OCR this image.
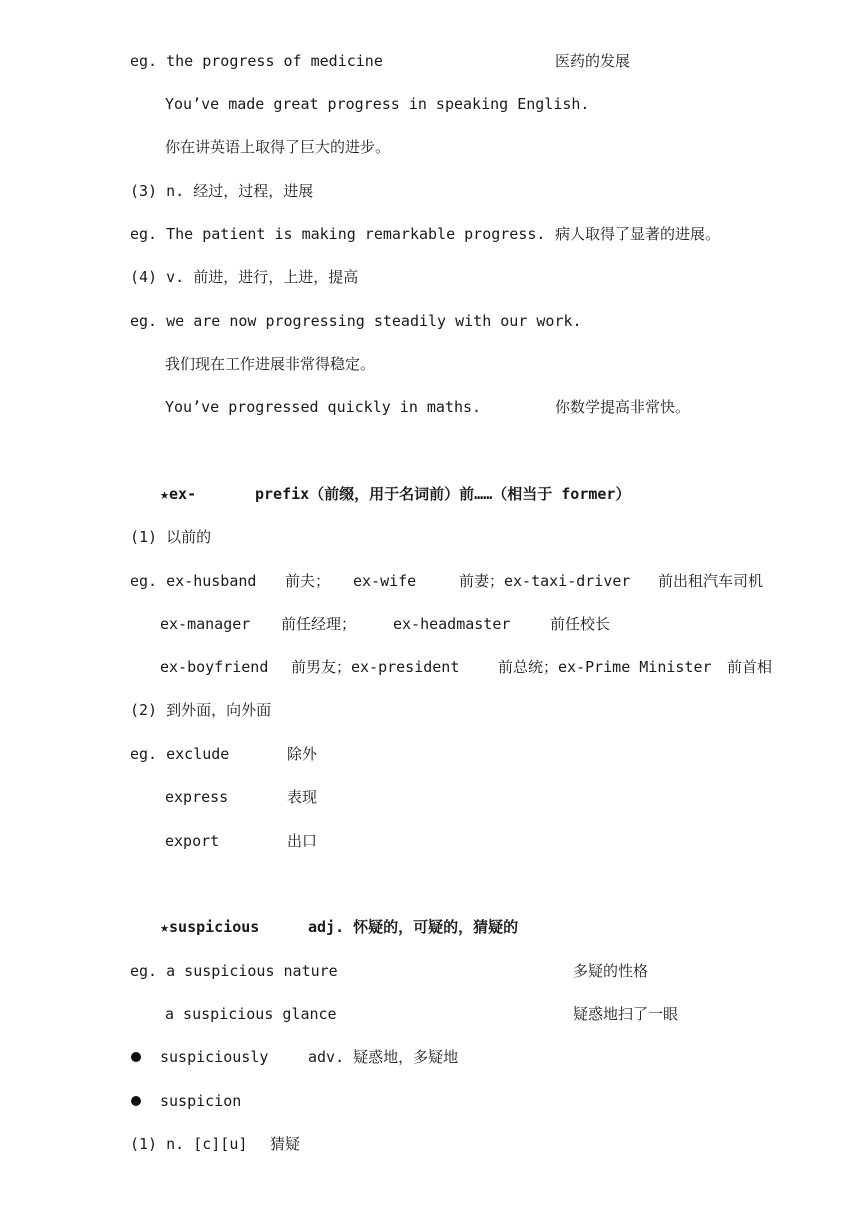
eg. the progress of medicine	医药的发展
You’ve made great progress in speaking English.
你在讲英语上取得了巨大的进步。
(3) n. 经过，过程，进展
eg. The patient is making remarkable progress. 病人取得了显著的进展。
(4) v. 前进，进行，上进，提高
eg. we are now progressing steadily with our work.
我们现在工作进展非常得稳定。
You’ve progressed quickly in maths.	你数学提高非常快。
★ex-	prefix（前缀，用于名词前）前……（相当于 former）
(1) 以前的
eg. ex-husband 前夫； ex-wife	前妻；ex-taxi-driver 前出租汽车司机
ex-manager 前任经理； ex-headmaster	前任校长
ex-boyfriend 前男友；ex-president	前总统；ex-Prime Minister 前首相
(2) 到外面，向外面
eg. exclude	除外
express	表现
export	出口
★suspicious	adj. 怀疑的，可疑的，猜疑的
eg. a suspicious nature	多疑的性格
a suspicious glance	疑惑地扫了一眼
suspiciously	adv. 疑惑地，多疑地
suspicion
(1) n. [c][u] 猜疑
